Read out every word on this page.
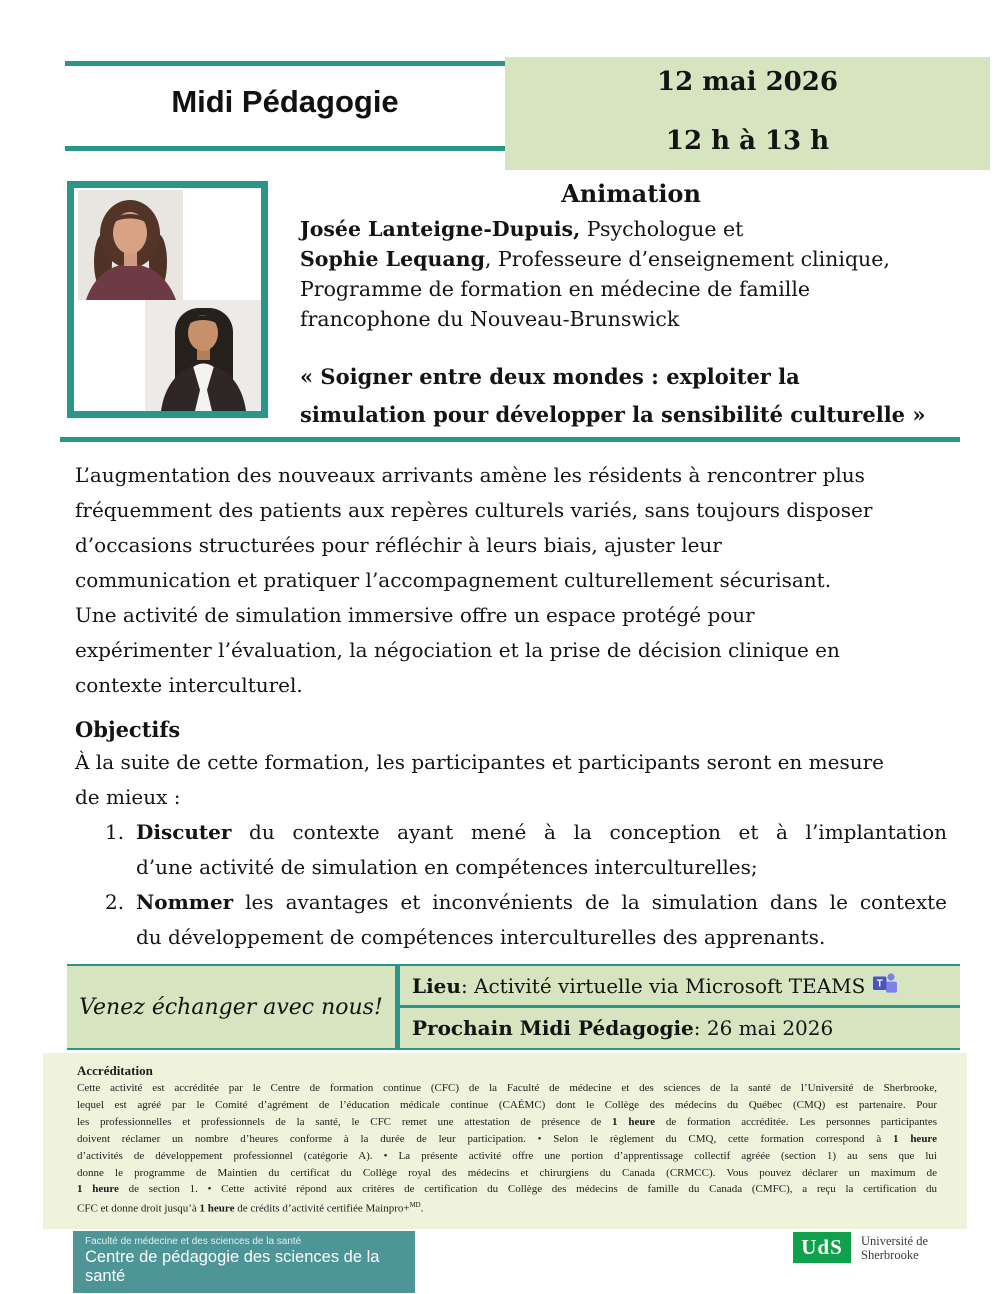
Midi Pédagogie
12 mai 2026
12 h à 13 h
Animation
Josée Lanteigne-Dupuis, Psychologue et
Sophie Lequang, Professeure d’enseignement clinique,
Programme de formation en médecine de famille
francophone du Nouveau-Brunswick
« Soigner entre deux mondes : exploiter la
simulation pour développer la sensibilité culturelle »
L’augmentation des nouveaux arrivants amène les résidents à rencontrer plus
fréquemment des patients aux repères culturels variés, sans toujours disposer
d’occasions structurées pour réfléchir à leurs biais, ajuster leur
communication et pratiquer l’accompagnement culturellement sécurisant.
Une activité de simulation immersive offre un espace protégé pour
expérimenter l’évaluation, la négociation et la prise de décision clinique en
contexte interculturel.
Objectifs
À la suite de cette formation, les participantes et participants seront en mesure
de mieux :
1. Discuter du contexte ayant mené à la conception et à l’implantation
d’une activité de simulation en compétences interculturelles;
2. Nommer les avantages et inconvénients de la simulation dans le contexte
du développement de compétences interculturelles des apprenants.
Venez échanger avec nous!
Lieu : Activité virtuelle via Microsoft TEAMS T
Prochain Midi Pédagogie : 26 mai 2026
Accréditation
Cette activité est accréditée par le Centre de formation continue (CFC) de la Faculté de médecine et des sciences de la santé de l’Université de Sherbrooke,
lequel est agréé par le Comité d’agrément de l’éducation médicale continue (CAÉMC) dont le Collège des médecins du Québec (CMQ) est partenaire. Pour
les professionnelles et professionnels de la santé, le CFC remet une attestation de présence de 1 heure de formation accréditée. Les personnes participantes
doivent réclamer un nombre d’heures conforme à la durée de leur participation. • Selon le règlement du CMQ, cette formation correspond à 1 heure
d’activités de développement professionnel (catégorie A). • La présente activité offre une portion d’apprentissage collectif agréée (section 1) au sens que lui
donne le programme de Maintien du certificat du Collège royal des médecins et chirurgiens du Canada (CRMCC). Vous pouvez déclarer un maximum de
1 heure de section 1. • Cette activité répond aux critères de certification du Collège des médecins de famille du Canada (CMFC), a reçu la certification du
CFC et donne droit jusqu’à 1 heure de crédits d’activité certifiée Mainpro+$^{MD}$.
Faculté de médecine et des sciences de la santé
Centre de pédagogie des sciences de la santé
UdS	Université de
Sherbrooke
